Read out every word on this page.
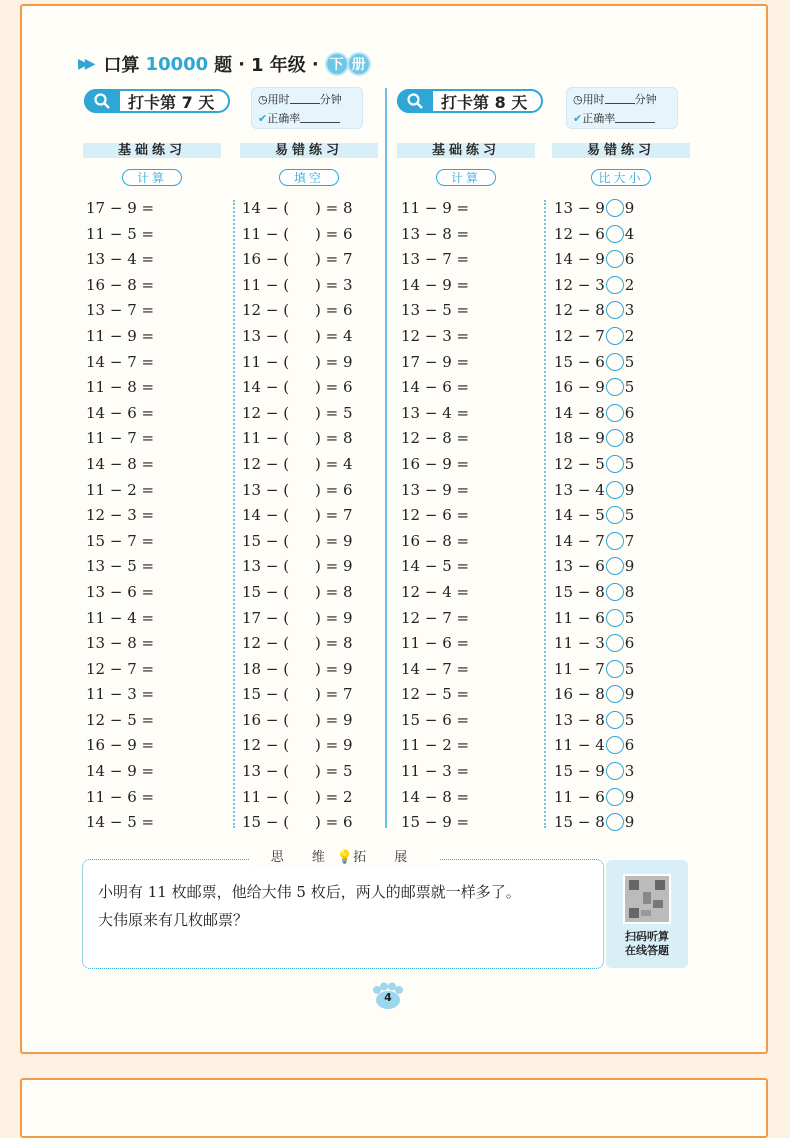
▶▶ 口算 10000 题 · 1 年级 · 下 册
打卡第 7 天	◷用时	分钟
✔正确率
打卡第 8 天	◷用时	分钟
✔正确率
基础练习	易错练习	基础练习	易错练习
计算	填空	计算	比大小
17 − 9 =
11 − 5 =
13 − 4 =
16 − 8 =
13 − 7 =
11 − 9 =
14 − 7 =
11 − 8 =
14 − 6 =
11 − 7 =
14 − 8 =
11 − 2 =
12 − 3 =
15 − 7 =
13 − 5 =
13 − 6 =
11 − 4 =
13 − 8 =
12 − 7 =
11 − 3 =
12 − 5 =
16 − 9 =
14 − 9 =
11 − 6 =
14 − 5 =
14 − ( ) = 8
11 − ( ) = 6
16 − ( ) = 7
11 − ( ) = 3
12 − ( ) = 6
13 − ( ) = 4
11 − ( ) = 9
14 − ( ) = 6
12 − ( ) = 5
11 − ( ) = 8
12 − ( ) = 4
13 − ( ) = 6
14 − ( ) = 7
15 − ( ) = 9
13 − ( ) = 9
15 − ( ) = 8
17 − ( ) = 9
12 − ( ) = 8
18 − ( ) = 9
15 − ( ) = 7
16 − ( ) = 9
12 − ( ) = 9
13 − ( ) = 5
11 − ( ) = 2
15 − ( ) = 6
11 − 9 =
13 − 8 =
13 − 7 =
14 − 9 =
13 − 5 =
12 − 3 =
17 − 9 =
14 − 6 =
13 − 4 =
12 − 8 =
16 − 9 =
13 − 9 =
12 − 6 =
16 − 8 =
14 − 5 =
12 − 4 =
12 − 7 =
11 − 6 =
14 − 7 =
12 − 5 =
15 − 6 =
11 − 2 =
11 − 3 =
14 − 8 =
15 − 9 =
13 − 9 9
12 − 6 4
14 − 9 6
12 − 3 2
12 − 8 3
12 − 7 2
15 − 6 5
16 − 9 5
14 − 8 6
18 − 9 8
12 − 5 5
13 − 4 9
14 − 5 5
14 − 7 7
13 − 6 9
15 − 8 8
11 − 6 5
11 − 3 6
11 − 7 5
16 − 8 9
13 − 8 5
11 − 4 6
15 − 9 3
11 − 6 9
15 − 8 9
思 维💡拓 展
小明有 11 枚邮票，他给大伟 5 枚后，两人的邮票就一样多了。
大伟原来有几枚邮票？
扫码听算
在线答题
4
